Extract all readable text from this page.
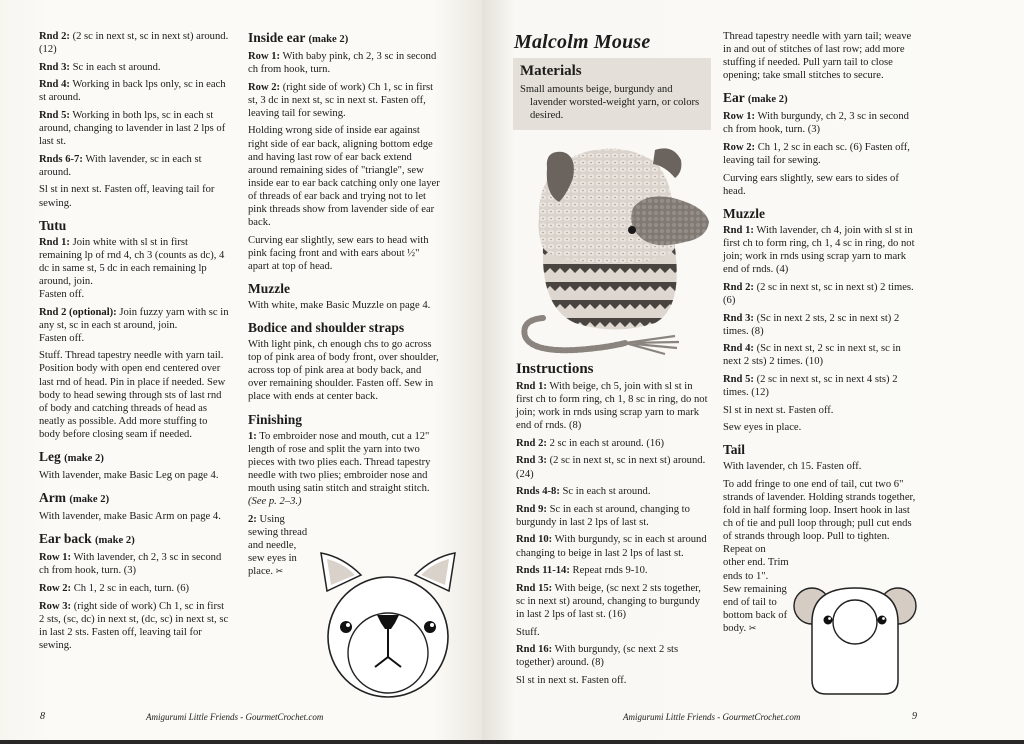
Rnd 2: (2 sc in next st, sc in next st) around. (12)
Rnd 3: Sc in each st around.
Rnd 4: Working in back lps only, sc in each st around.
Rnd 5: Working in both lps, sc in each st around, changing to lavender in last 2 lps of last st.
Rnds 6-7: With lavender, sc in each st around.
Sl st in next st. Fasten off, leaving tail for sewing.
Tutu
Rnd 1: Join white with sl st in first remaining lp of rnd 4, ch 3 (counts as dc), 4 dc in same st, 5 dc in each remaining lp around, join.
Fasten off.
Rnd 2 (optional): Join fuzzy yarn with sc in any st, sc in each st around, join.
Fasten off.
Stuff. Thread tapestry needle with yarn tail. Position body with open end centered over last rnd of head. Pin in place if needed. Sew body to head sewing through sts of last rnd of body and catching threads of head as neatly as possible. Add more stuffing to body before closing seam if needed.
Leg (make 2)
With lavender, make Basic Leg on page 4.
Arm (make 2)
With lavender, make Basic Arm on page 4.
Ear back (make 2)
Row 1: With lavender, ch 2, 3 sc in second ch from hook, turn. (3)
Row 2: Ch 1, 2 sc in each, turn. (6)
Row 3: (right side of work) Ch 1, sc in first 2 sts, (sc, dc) in next st, (dc, sc) in next st, sc in last 2 sts. Fasten off, leaving tail for sewing.
Inside ear (make 2)
Row 1: With baby pink, ch 2, 3 sc in second ch from hook, turn.
Row 2: (right side of work) Ch 1, sc in first st, 3 dc in next st, sc in next st. Fasten off, leaving tail for sewing.
Holding wrong side of inside ear against right side of ear back, aligning bottom edge and having last row of ear back extend around remaining sides of "triangle", sew inside ear to ear back catching only one layer of threads of ear back and trying not to let pink threads show from lavender side of ear back.
Curving ear slightly, sew ears to head with pink facing front and with ears about ½" apart at top of head.
Muzzle
With white, make Basic Muzzle on page 4.
Bodice and shoulder straps
With light pink, ch enough chs to go across top of pink area of body front, over shoulder, across top of pink area at body back, and over remaining shoulder. Fasten off. Sew in place with ends at center back.
Finishing
1: To embroider nose and mouth, cut a 12" length of rose and split the yarn into two pieces with two plies each. Thread tapestry needle with two plies; embroider nose and mouth using satin stitch and straight stitch. (See p. 2–3.)
2: Using sewing thread and needle, sew eyes in place. ✂
Amigurumi Little Friends - GourmetCrochet.com
8
Malcolm Mouse
Materials
Small amounts beige, burgundy and lavender worsted-weight yarn, or colors desired.
Instructions
Rnd 1: With beige, ch 5, join with sl st in first ch to form ring, ch 1, 8 sc in ring, do not join; work in rnds using scrap yarn to mark end of rnds. (8)
Rnd 2: 2 sc in each st around. (16)
Rnd 3: (2 sc in next st, sc in next st) around. (24)
Rnds 4-8: Sc in each st around.
Rnd 9: Sc in each st around, changing to burgundy in last 2 lps of last st.
Rnd 10: With burgundy, sc in each st around changing to beige in last 2 lps of last st.
Rnds 11-14: Repeat rnds 9-10.
Rnd 15: With beige, (sc next 2 sts together, sc in next st) around, changing to burgundy in last 2 lps of last st. (16)
Stuff.
Rnd 16: With burgundy, (sc next 2 sts together) around. (8)
Sl st in next st. Fasten off.
Thread tapestry needle with yarn tail; weave in and out of stitches of last row; add more stuffing if needed. Pull yarn tail to close opening; take small stitches to secure.
Ear (make 2)
Row 1: With burgundy, ch 2, 3 sc in second ch from hook, turn. (3)
Row 2: Ch 1, 2 sc in each sc. (6) Fasten off, leaving tail for sewing.
Curving ears slightly, sew ears to sides of head.
Muzzle
Rnd 1: With lavender, ch 4, join with sl st in first ch to form ring, ch 1, 4 sc in ring, do not join; work in rnds using scrap yarn to mark end of rnds. (4)
Rnd 2: (2 sc in next st, sc in next st) 2 times. (6)
Rnd 3: (Sc in next 2 sts, 2 sc in next st) 2 times. (8)
Rnd 4: (Sc in next st, 2 sc in next st, sc in next 2 sts) 2 times. (10)
Rnd 5: (2 sc in next st, sc in next 4 sts) 2 times. (12)
Sl st in next st. Fasten off.
Sew eyes in place.
Tail
With lavender, ch 15. Fasten off.
To add fringe to one end of tail, cut two 6" strands of lavender. Holding strands together, fold in half forming loop. Insert hook in last ch of tie and pull loop through; pull cut ends of strands through loop. Pull to tighten.
Repeat on other end. Trim ends to 1". Sew remaining end of tail to bottom back of body. ✂
Amigurumi Little Friends - GourmetCrochet.com	9
